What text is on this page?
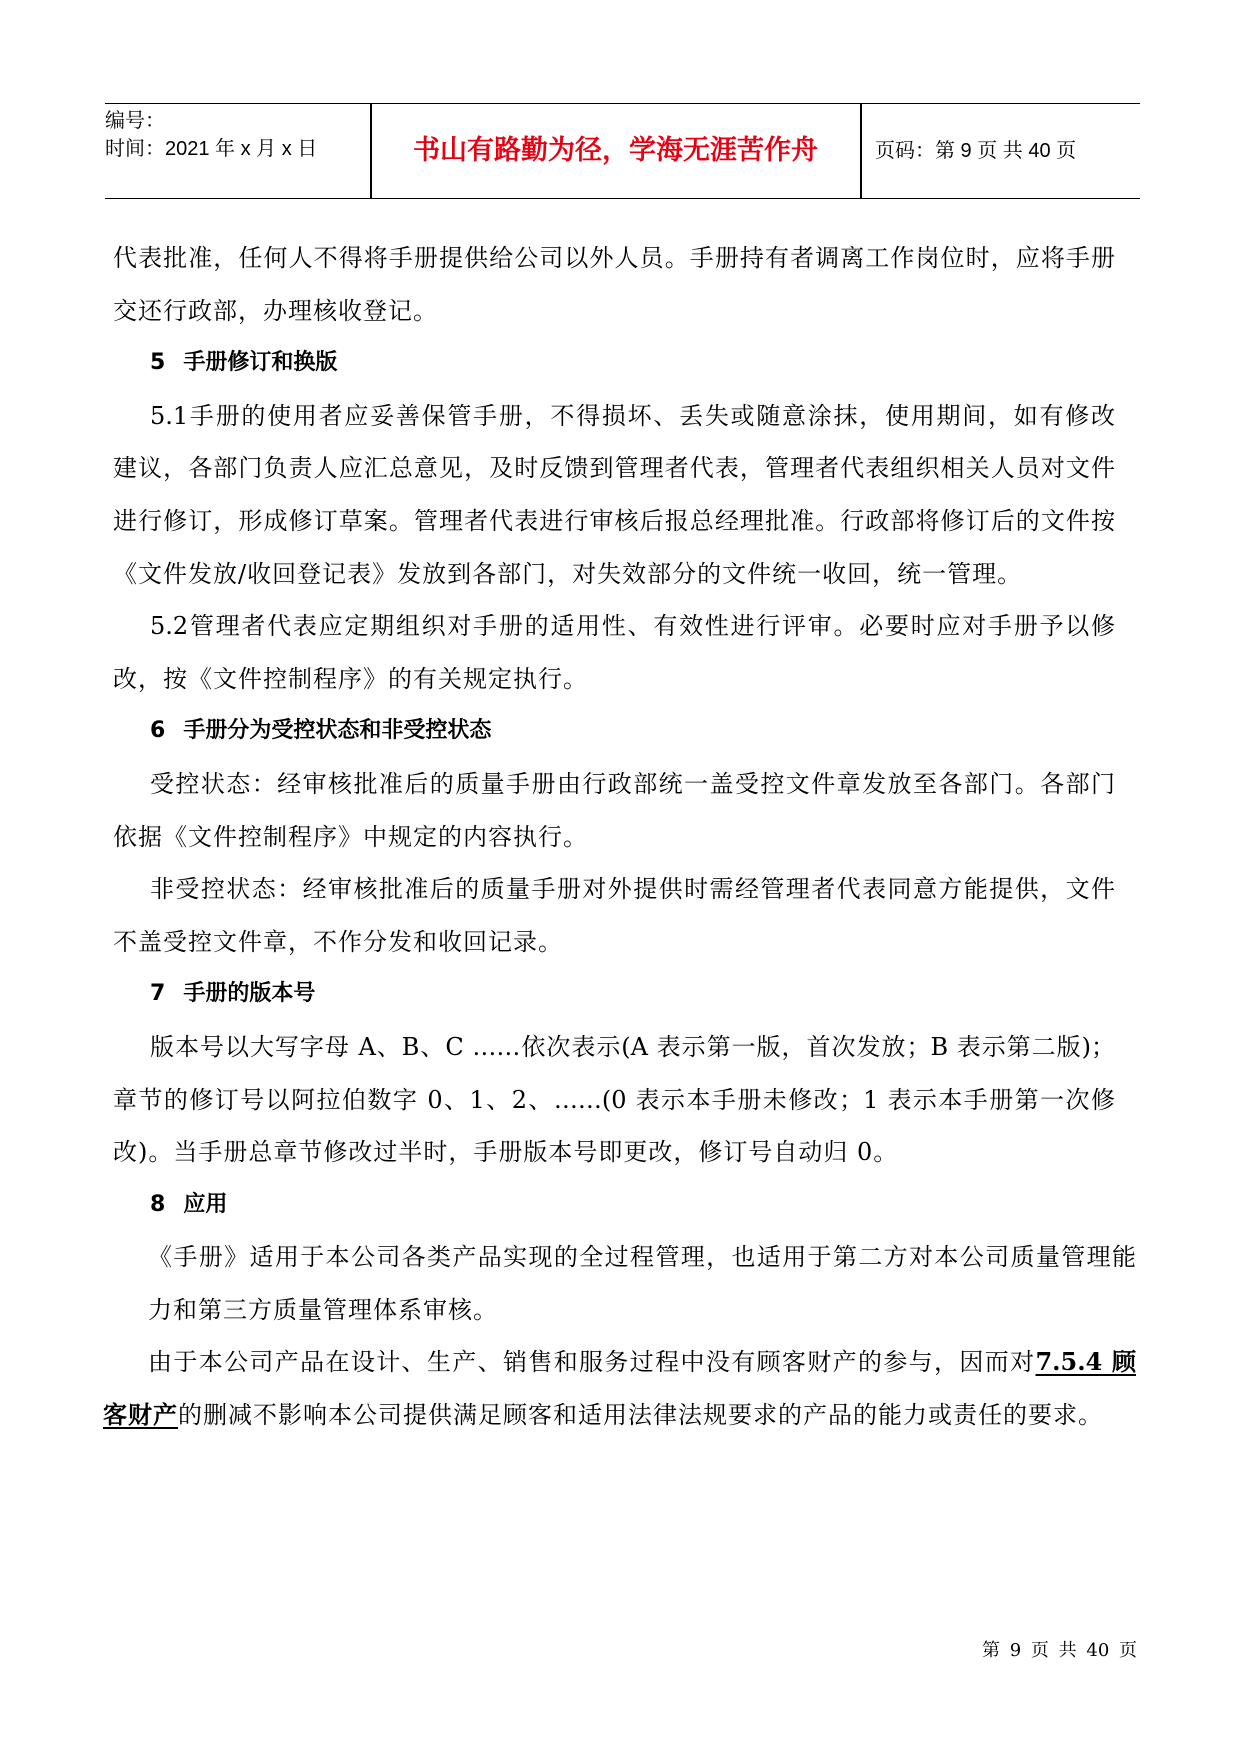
编号：
时间：2021 年 x 月 x 日	书山有路勤为径，学海无涯苦作舟	页码：第 9 页 共 40 页
代表批准，任何人不得将手册提供给公司以外人员。手册持有者调离工作岗位时，应将手册
交还行政部，办理核收登记。
5 手册修订和换版
5.1手册的使用者应妥善保管手册，不得损坏、丢失或随意涂抹，使用期间，如有修改
建议，各部门负责人应汇总意见，及时反馈到管理者代表，管理者代表组织相关人员对文件
进行修订，形成修订草案。管理者代表进行审核后报总经理批准。行政部将修订后的文件按
《文件发放/收回登记表》发放到各部门，对失效部分的文件统一收回，统一管理。
5.2管理者代表应定期组织对手册的适用性、有效性进行评审。必要时应对手册予以修
改，按《文件控制程序》的有关规定执行。
6 手册分为受控状态和非受控状态
受控状态：经审核批准后的质量手册由行政部统一盖受控文件章发放至各部门。各部门
依据《文件控制程序》中规定的内容执行。
非受控状态：经审核批准后的质量手册对外提供时需经管理者代表同意方能提供，文件
不盖受控文件章，不作分发和收回记录。
7 手册的版本号
版本号以大写字母 A、B、C ……依次表示(A 表示第一版，首次发放；B 表示第二版)；
章节的修订号以阿拉伯数字 0、1、2、……(0 表示本手册未修改；1 表示本手册第一次修
改)。当手册总章节修改过半时，手册版本号即更改，修订号自动归 0。
8 应用
《手册》适用于本公司各类产品实现的全过程管理，也适用于第二方对本公司质量管理能
力和第三方质量管理体系审核。
由于本公司产品在设计、生产、销售和服务过程中没有顾客财产的参与，因而对7.5.4 顾
客财产的删减不影响本公司提供满足顾客和适用法律法规要求的产品的能力或责任的要求。
第 9 页 共 40 页
